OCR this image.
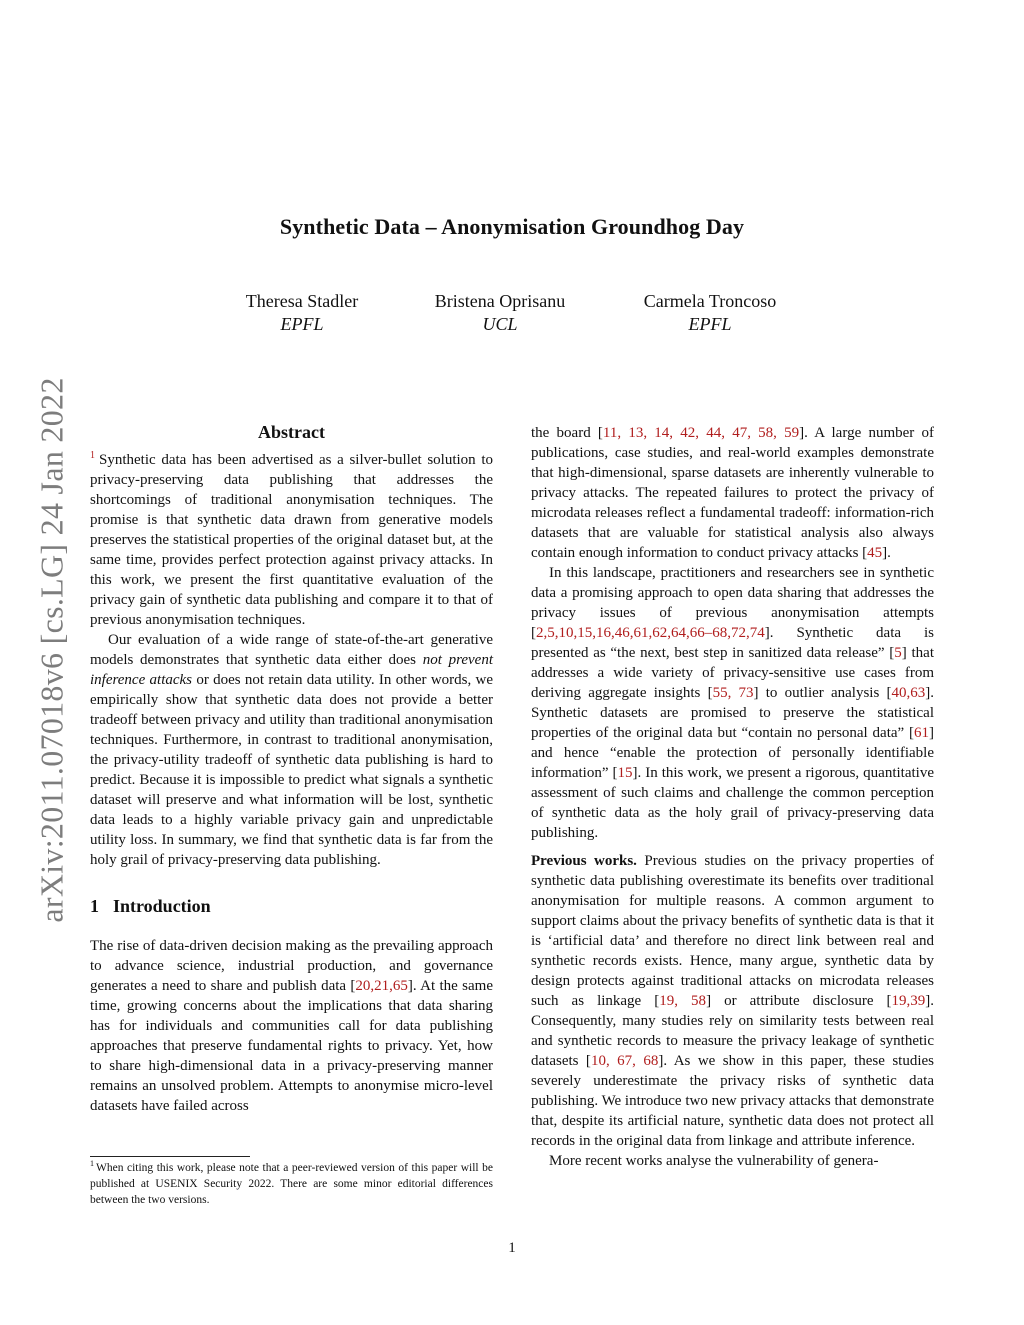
Synthetic Data – Anonymisation Groundhog Day
Theresa Stadler
EPFL
Bristena Oprisanu
UCL
Carmela Troncoso
EPFL
arXiv:2011.07018v6 [cs.LG] 24 Jan 2022	Abstract

$^1$ Synthetic data has been advertised as a silver-bullet solution to privacy-preserving data publishing that addresses the shortcomings of traditional anonymisation techniques. The promise is that synthetic data drawn from generative models preserves the statistical properties of the original dataset but, at the same time, provides perfect protection against privacy attacks. In this work, we present the first quantitative evaluation of the privacy gain of synthetic data publishing and compare it to that of previous anonymisation techniques.

Our evaluation of a wide range of state-of-the-art generative models demonstrates that synthetic data either does not prevent inference attacks or does not retain data utility. In other words, we empirically show that synthetic data does not provide a better tradeoff between privacy and utility than traditional anonymisation techniques. Furthermore, in contrast to traditional anonymisation, the privacy-utility tradeoff of synthetic data publishing is hard to predict. Because it is impossible to predict what signals a synthetic dataset will preserve and what information will be lost, synthetic data leads to a highly variable privacy gain and unpredictable utility loss. In summary, we find that synthetic data is far from the holy grail of privacy-preserving data publishing.

1 Introduction

The rise of data-driven decision making as the prevailing approach to advance science, industrial production, and governance generates a need to share and publish data [20,21,65]. At the same time, growing concerns about the implications that data sharing has for individuals and communities call for data publishing approaches that preserve fundamental rights to privacy. Yet, how to share high-dimensional data in a privacy-preserving manner remains an unsolved problem. Attempts to anonymise micro-level datasets have failed across

the board [11, 13, 14, 42, 44, 47, 58, 59]. A large number of publications, case studies, and real-world examples demonstrate that high-dimensional, sparse datasets are inherently vulnerable to privacy attacks. The repeated failures to protect the privacy of microdata releases reflect a fundamental tradeoff: information-rich datasets that are valuable for statistical analysis also always contain enough information to conduct privacy attacks [45].

In this landscape, practitioners and researchers see in synthetic data a promising approach to open data sharing that addresses the privacy issues of previous anonymisation attempts [2,5,10,15,16,46,61,62,64,66–68,72,74]. Synthetic data is presented as “the next, best step in sanitized data release” [5] that addresses a wide variety of privacy-sensitive use cases from deriving aggregate insights [55, 73] to outlier analysis [40,63]. Synthetic datasets are promised to preserve the statistical properties of the original data but “contain no personal data” [61] and hence “enable the protection of personally identifiable information” [15]. In this work, we present a rigorous, quantitative assessment of such claims and challenge the common perception of synthetic data as the holy grail of privacy-preserving data publishing.

Previous works. Previous studies on the privacy properties of synthetic data publishing overestimate its benefits over traditional anonymisation for multiple reasons. A common argument to support claims about the privacy benefits of synthetic data is that it is ‘artificial data’ and therefore no direct link between real and synthetic records exists. Hence, many argue, synthetic data by design protects against traditional attacks on microdata releases such as linkage [19, 58] or attribute disclosure [19,39]. Consequently, many studies rely on similarity tests between real and synthetic records to measure the privacy leakage of synthetic datasets [10, 67, 68]. As we show in this paper, these studies severely underestimate the privacy risks of synthetic data publishing. We introduce two new privacy attacks that demonstrate that, despite its artificial nature, synthetic data does not protect all records in the original data from linkage and attribute inference.

More recent works analyse the vulnerability of genera-

$^1$ When citing this work, please note that a peer-reviewed version of this paper will be published at USENIX Security 2022. There are some minor editorial differences between the two versions.
1
